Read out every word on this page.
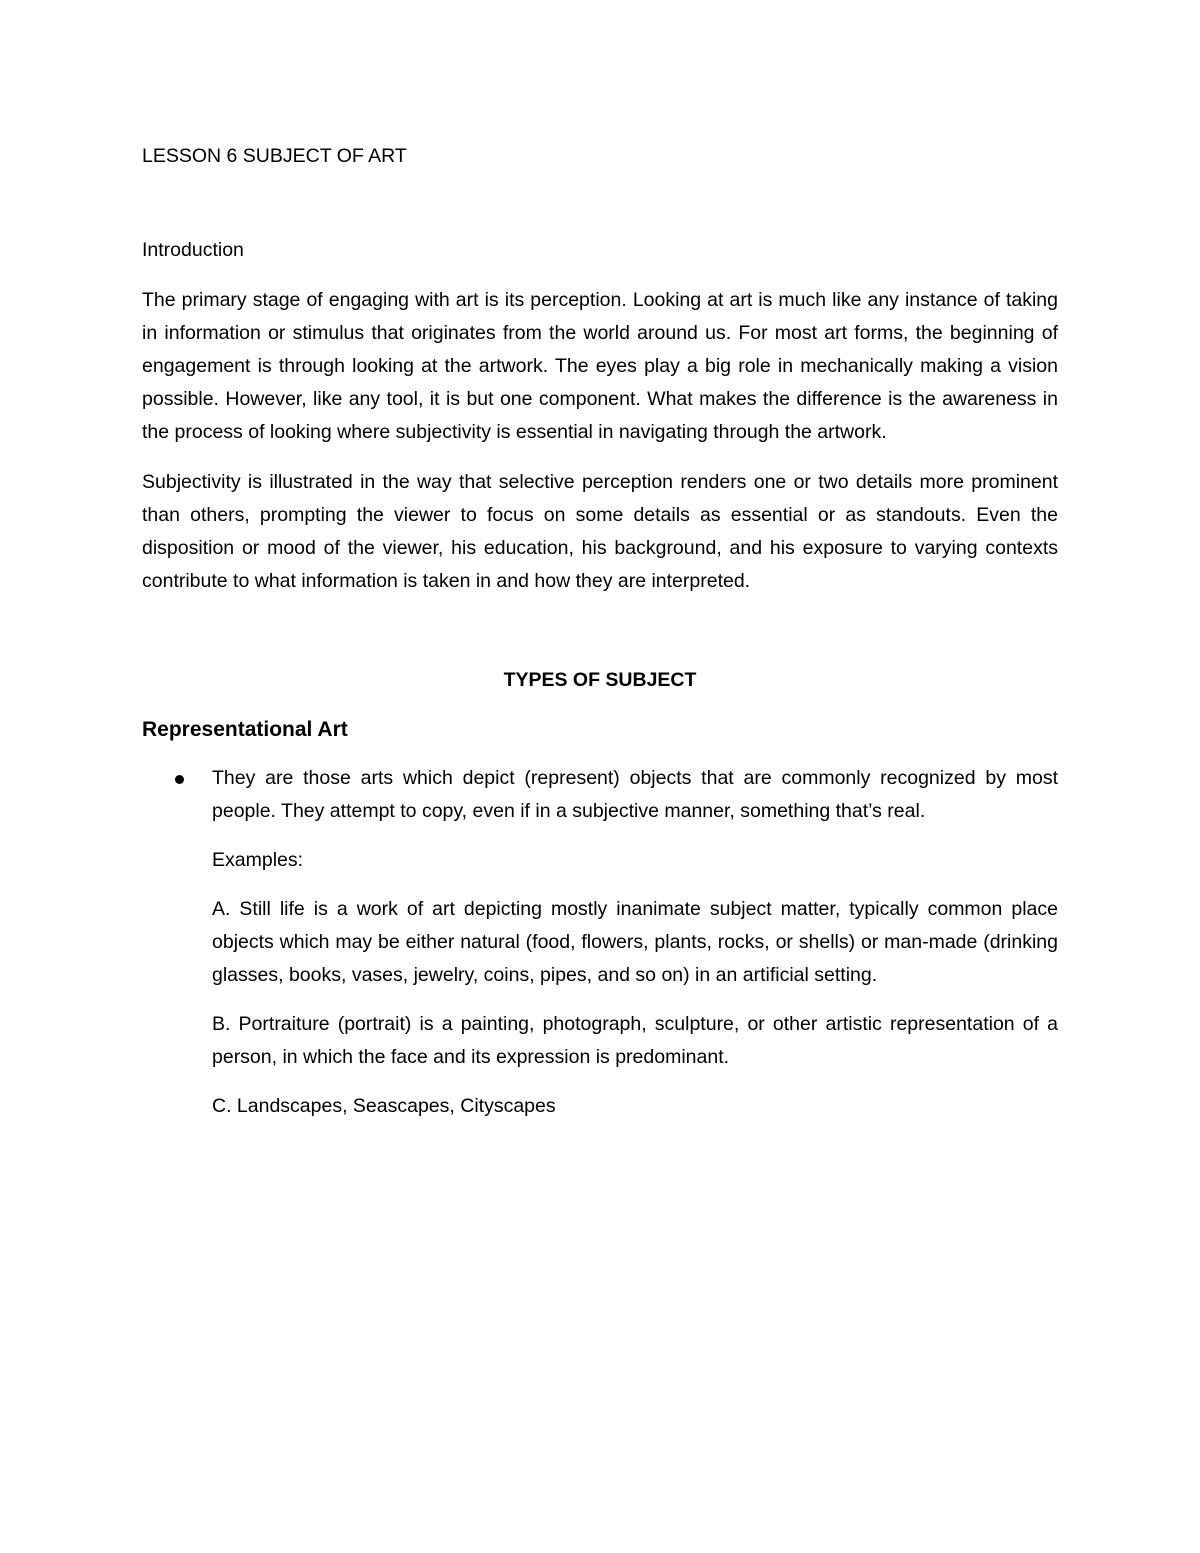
LESSON 6 SUBJECT OF ART
Introduction

The primary stage of engaging with art is its perception. Looking at art is much like any instance of taking in information or stimulus that originates from the world around us. For most art forms, the beginning of engagement is through looking at the artwork. The eyes play a big role in mechanically making a vision possible. However, like any tool, it is but one component. What makes the difference is the awareness in the process of looking where subjectivity is essential in navigating through the artwork.

Subjectivity is illustrated in the way that selective perception renders one or two details more prominent than others, prompting the viewer to focus on some details as essential or as standouts. Even the disposition or mood of the viewer, his education, his background, and his exposure to varying contexts contribute to what information is taken in and how they are interpreted.

TYPES OF SUBJECT
Representational Art

They are those arts which depict (represent) objects that are commonly recognized by most people. They attempt to copy, even if in a subjective manner, something that’s real.

Examples:

A. Still life is a work of art depicting mostly inanimate subject matter, typically common place objects which may be either natural (food, flowers, plants, rocks, or shells) or man-made (drinking glasses, books, vases, jewelry, coins, pipes, and so on) in an artificial setting.

B. Portraiture (portrait) is a painting, photograph, sculpture, or other artistic representation of a person, in which the face and its expression is predominant.

C. Landscapes, Seascapes, Cityscapes
